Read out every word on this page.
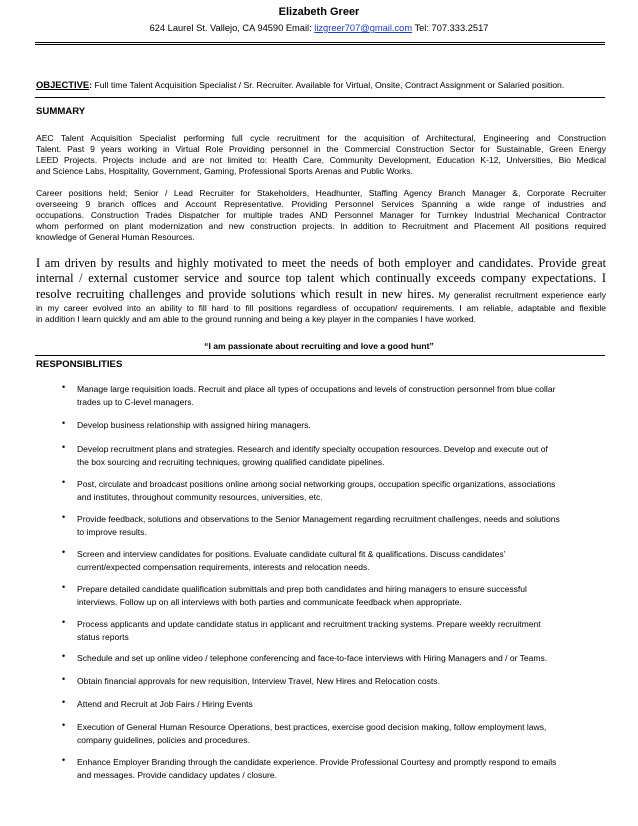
Elizabeth Greer
624 Laurel St. Vallejo, CA 94590 Email: lizgreer707@gmail.com Tel: 707.333.2517
OBJECTIVE: Full time Talent Acquisition Specialist / Sr. Recruiter. Available for Virtual, Onsite, Contract Assignment or Salaried position.
SUMMARY
AEC Talent Acquisition Specialist performing full cycle recruitment for the acquisition of Architectural, Engineering and Construction
Talent. Past 9 years working in Virtual Role Providing personnel in the Commercial Construction Sector for Sustainable, Green Energy
LEED Projects. Projects include and are not limited to: Health Care, Community Development, Education K-12, Universities, Bio Medical
and Science Labs, Hospitality, Government, Gaming, Professional Sports Arenas and Public Works.
Career positions held; Senior / Lead Recruiter for Stakeholders, Headhunter, Staffing Agency Branch Manager &, Corporate Recruiter
overseeing 9 branch offices and Account Representative. Providing Personnel Services Spanning a wide range of industries and
occupations. Construction Trades Dispatcher for multiple trades AND Personnel Manager for Turnkey Industrial Mechanical Contractor
whom performed on plant modernization and new construction projects. In addition to Recruitment and Placement All positions required
knowledge of General Human Resources.
I am driven by results and highly motivated to meet the needs of both employer and candidates. Provide great
internal / external customer service and source top talent which continually exceeds company expectations. I
resolve recruiting challenges and provide solutions which result in new hires. My generalist recruitment experience early
in my career evolved into an ability to fill hard to fill positions regardless of occupation/ requirements. I am reliable, adaptable and flexible
in addition I learn quickly and am able to the ground running and being a key player in the companies I have worked.
“I am passionate about recruiting and love a good hunt”
RESPONSIBLITIES
• Manage large requisition loads. Recruit and place all types of occupations and levels of construction personnel from blue collar
trades up to C-level managers.
• Develop business relationship with assigned hiring managers.
• Develop recruitment plans and strategies. Research and identify specialty occupation resources. Develop and execute out of
the box sourcing and recruiting techniques, growing qualified candidate pipelines.
• Post, circulate and broadcast positions online among social networking groups, occupation specific organizations, associations
and institutes, throughout community resources, universities, etc.
• Provide feedback, solutions and observations to the Senior Management regarding recruitment challenges, needs and solutions
to improve results.
• Screen and interview candidates for positions. Evaluate candidate cultural fit & qualifications. Discuss candidates’
current/expected compensation requirements, interests and relocation needs.
• Prepare detailed candidate qualification submittals and prep both candidates and hiring managers to ensure successful
interviews. Follow up on all interviews with both parties and communicate feedback when appropriate.
• Process applicants and update candidate status in applicant and recruitment tracking systems. Prepare weekly recruitment
status reports
• Schedule and set up online video / telephone conferencing and face-to-face interviews with Hiring Managers and / or Teams.
• Obtain financial approvals for new requisition, Interview Travel, New Hires and Relocation costs.
• Attend and Recruit at Job Fairs / Hiring Events
• Execution of General Human Resource Operations, best practices, exercise good decision making, follow employment laws,
company guidelines, policies and procedures.
• Enhance Employer Branding through the candidate experience. Provide Professional Courtesy and promptly respond to emails
and messages. Provide candidacy updates / closure.
